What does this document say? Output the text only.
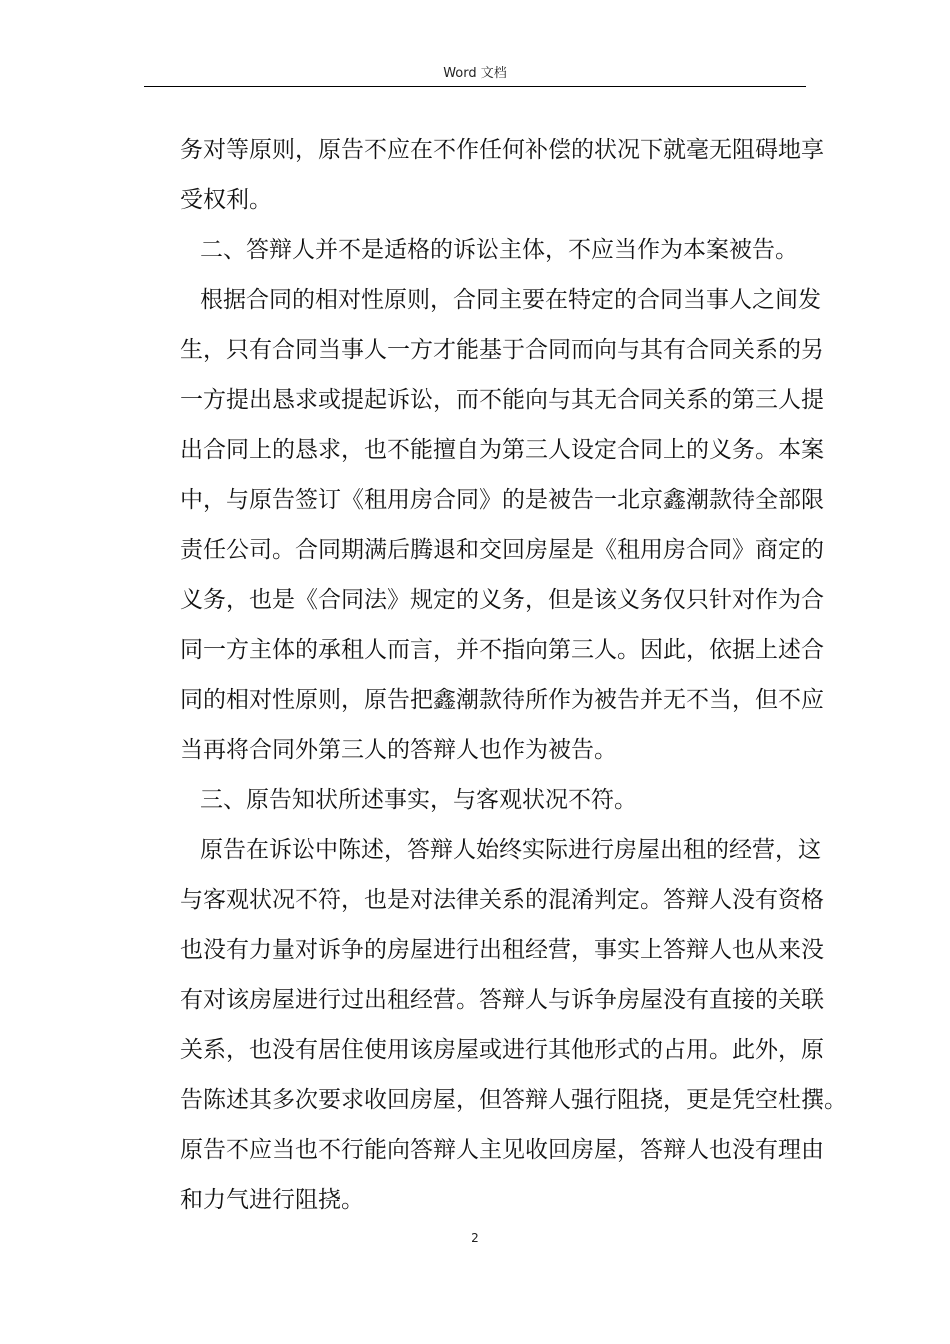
Word 文档
务对等原则，原告不应在不作任何补偿的状况下就毫无阻碍地享
受权利。
二、答辩人并不是适格的诉讼主体，不应当作为本案被告。
根据合同的相对性原则，合同主要在特定的合同当事人之间发
生，只有合同当事人一方才能基于合同而向与其有合同关系的另
一方提出恳求或提起诉讼，而不能向与其无合同关系的第三人提
出合同上的恳求，也不能擅自为第三人设定合同上的义务。本案
中，与原告签订《租用房合同》的是被告一北京鑫潮款待全部限
责任公司。合同期满后腾退和交回房屋是《租用房合同》商定的
义务，也是《合同法》规定的义务，但是该义务仅只针对作为合
同一方主体的承租人而言，并不指向第三人。因此，依据上述合
同的相对性原则，原告把鑫潮款待所作为被告并无不当，但不应
当再将合同外第三人的答辩人也作为被告。
三、原告知状所述事实，与客观状况不符。
原告在诉讼中陈述，答辩人始终实际进行房屋出租的经营，这
与客观状况不符，也是对法律关系的混淆判定。答辩人没有资格
也没有力量对诉争的房屋进行出租经营，事实上答辩人也从来没
有对该房屋进行过出租经营。答辩人与诉争房屋没有直接的关联
关系，也没有居住使用该房屋或进行其他形式的占用。此外，原
告陈述其多次要求收回房屋，但答辩人强行阻挠，更是凭空杜撰。
原告不应当也不行能向答辩人主见收回房屋，答辩人也没有理由
和力气进行阻挠。
2
